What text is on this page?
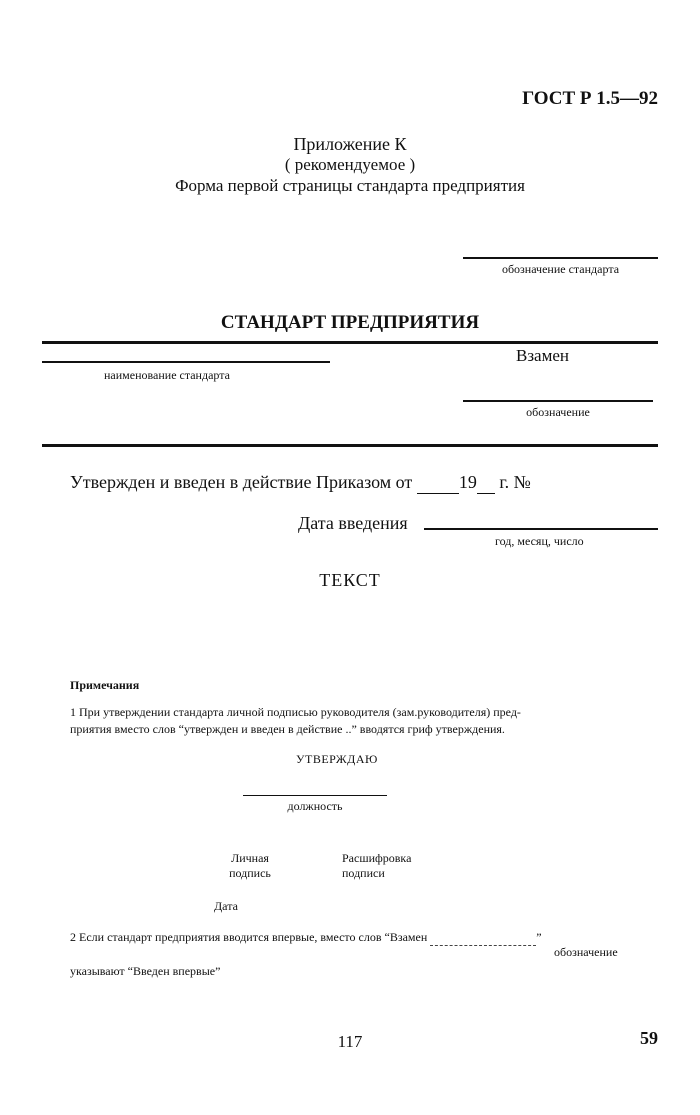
ГОСТ Р 1.5—92
Приложение К
( рекомендуемое )
Форма первой страницы стандарта предприятия
обозначение стандарта
СТАНДАРТ ПРЕДПРИЯТИЯ
наименование стандарта
Взамен
обозначение
Утвержден и введен в действие Приказом от	19 г. №
Дата введения
год, месяц, число
ТЕКСТ
Примечания
1 При утверждении стандарта личной подписью руководителя (зам.руководителя) пред-
приятия вместо слов “утвержден и введен в действие ..” вводятся гриф утверждения.
УТВЕРЖДАЮ
должность
Личная подпись
Расшифровка подписи
Дата
2 Если стандарт предприятия вводится впервые, вместо слов “Взамен	”
обозначение
указывают “Введен впервые”
117	59
